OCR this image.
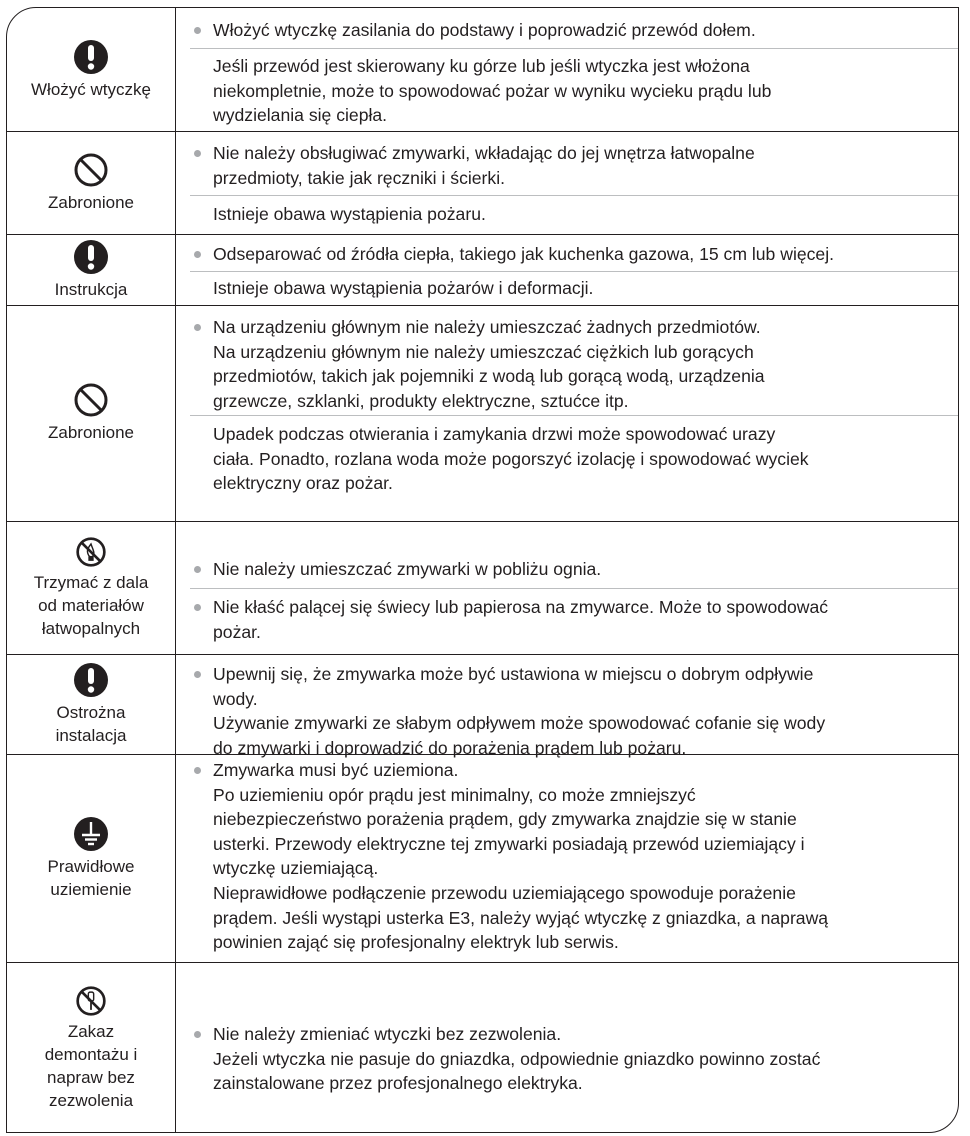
Włożyć wtyczkę
Włożyć wtyczkę zasilania do podstawy i poprowadzić przewód dołem.
Jeśli przewód jest skierowany ku górze lub jeśli wtyczka jest włożona
niekompletnie, może to spowodować pożar w wyniku wycieku prądu lub
wydzielania się ciepła.
Zabronione
Nie należy obsługiwać zmywarki, wkładając do jej wnętrza łatwopalne
przedmioty, takie jak ręczniki i ścierki.
Istnieje obawa wystąpienia pożaru.
Instrukcja
Odseparować od źródła ciepła, takiego jak kuchenka gazowa, 15 cm lub więcej.
Istnieje obawa wystąpienia pożarów i deformacji.
Zabronione
Na urządzeniu głównym nie należy umieszczać żadnych przedmiotów.
Na urządzeniu głównym nie należy umieszczać ciężkich lub gorących
przedmiotów, takich jak pojemniki z wodą lub gorącą wodą, urządzenia
grzewcze, szklanki, produkty elektryczne, sztućce itp.
Upadek podczas otwierania i zamykania drzwi może spowodować urazy
ciała. Ponadto, rozlana woda może pogorszyć izolację i spowodować wyciek
elektryczny oraz pożar.
Trzymać z dala
od materiałów
łatwopalnych
Nie należy umieszczać zmywarki w pobliżu ognia.
Nie kłaść palącej się świecy lub papierosa na zmywarce. Może to spowodować
pożar.
Ostrożna
instalacja
Upewnij się, że zmywarka może być ustawiona w miejscu o dobrym odpływie
wody.
Używanie zmywarki ze słabym odpływem może spowodować cofanie się wody
do zmywarki i doprowadzić do porażenia prądem lub pożaru.
Prawidłowe
uziemienie
Zmywarka musi być uziemiona.
Po uziemieniu opór prądu jest minimalny, co może zmniejszyć
niebezpieczeństwo porażenia prądem, gdy zmywarka znajdzie się w stanie
usterki. Przewody elektryczne tej zmywarki posiadają przewód uziemiający i
wtyczkę uziemiającą.
Nieprawidłowe podłączenie przewodu uziemiającego spowoduje porażenie
prądem. Jeśli wystąpi usterka E3, należy wyjąć wtyczkę z gniazdka, a naprawą
powinien zająć się profesjonalny elektryk lub serwis.
Zakaz
demontażu i
napraw bez
zezwolenia
Nie należy zmieniać wtyczki bez zezwolenia.
Jeżeli wtyczka nie pasuje do gniazdka, odpowiednie gniazdko powinno zostać
zainstalowane przez profesjonalnego elektryka.
